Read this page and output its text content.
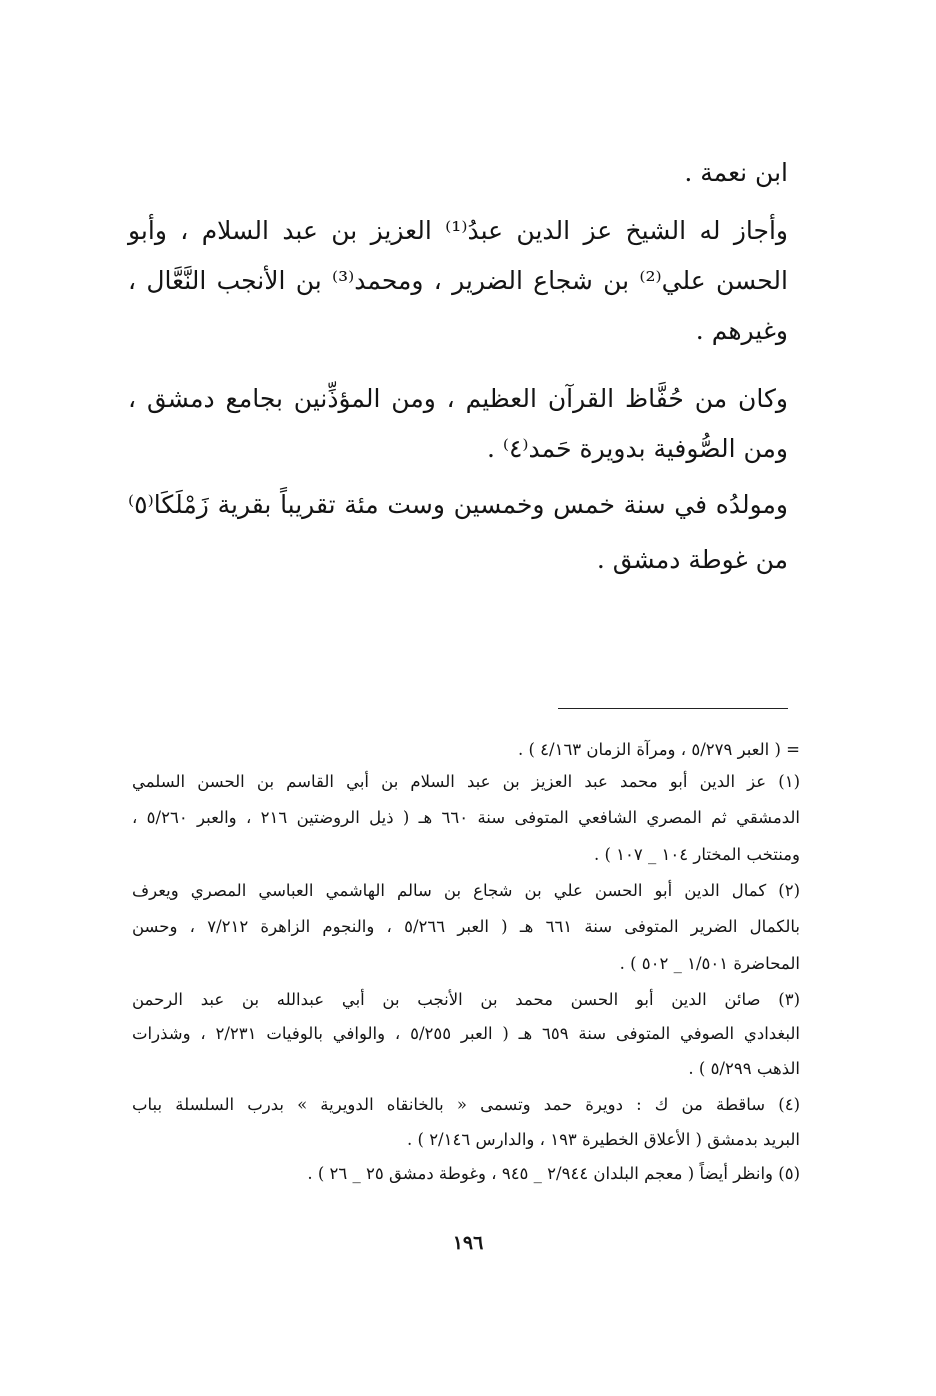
ابن نعمة .
وأجاز له الشيخ عز الدين عبدُ⁽¹⁾ العزيز بن عبد السلام ، وأبو
الحسن علي⁽²⁾ بن شجاع الضرير ، ومحمد⁽³⁾ بن الأنجب النَّعَّال ،
وغيرهم .
وكان من حُفَّاظ القرآن العظيم ، ومن المؤذِّنين بجامع دمشق ،
ومن الصُّوفية بدويرة حَمد⁽٤⁾ .
ومولدُه في سنة خمس وخمسين وست مئة تقريباً بقرية زَمْلَكَا⁽٥⁾
من غوطة دمشق .
= ( العبر ٥/٢٧٩ ، ومرآة الزمان ٤/١٦٣ ) .
(١) عز الدين أبو محمد عبد العزيز بن عبد السلام بن أبي القاسم بن الحسن السلمي
الدمشقي ثم المصري الشافعي المتوفى سنة ٦٦٠ هـ ( ذيل الروضتين ٢١٦ ، والعبر ٥/٢٦٠ ،
ومنتخب المختار ١٠٤ _ ١٠٧ ) .
(٢) كمال الدين أبو الحسن علي بن شجاع بن سالم الهاشمي العباسي المصري ويعرف
بالكمال الضرير المتوفى سنة ٦٦١ هـ ( العبر ٥/٢٦٦ ، والنجوم الزاهرة ٧/٢١٢ ، وحسن
المحاضرة ١/٥٠١ _ ٥٠٢ ) .
(٣) صائن الدين أبو الحسن محمد بن الأنجب بن أبي عبدالله بن عبد الرحمن
البغدادي الصوفي المتوفى سنة ٦٥٩ هـ ( العبر ٥/٢٥٥ ، والوافي بالوفيات ٢/٢٣١ ، وشذرات
الذهب ٥/٢٩٩ ) .
(٤) ساقطة من ك : دويرة حمد وتسمى « بالخانقاه الدويرية » بدرب السلسلة بباب
البريد بدمشق ( الأعلاق الخطيرة ١٩٣ ، والدارس ٢/١٤٦ ) .
(٥) وانظر أيضاً ( معجم البلدان ٢/٩٤٤ _ ٩٤٥ ، وغوطة دمشق ٢٥ _ ٢٦ ) .
١٩٦
